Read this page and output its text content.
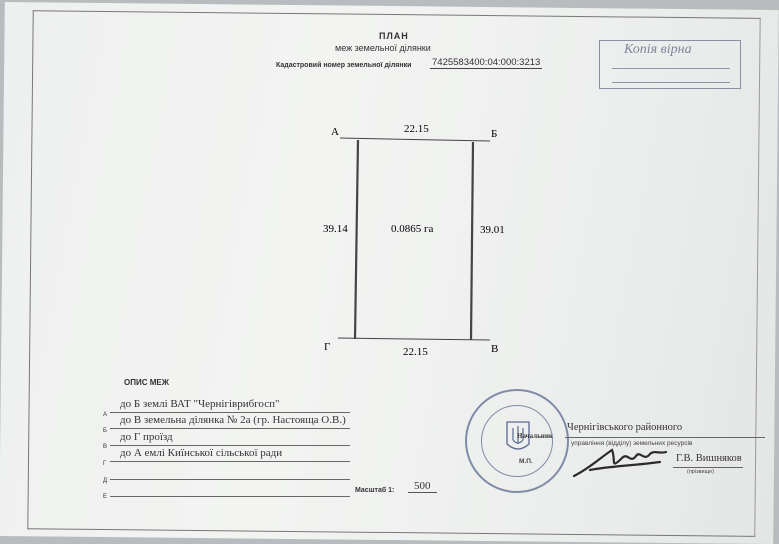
ПЛАН
меж земельної ділянки
Кадастровий номер земельної ділянки 7425583400:04:000:3213
Копія вірна
А	Б
В
Г
22.15
22.15
39.14	39.01
0.0865 га
ОПИС МЕЖ
А
до Б землі ВАТ "Чернігіврибгосп"
Б
до В земельна ділянка № 2а (гр. Настоящa О.В.)
В
до Г проїзд
Г
до А емлі Киїнської сільської ради
Д
Е
Масштаб 1:	500
Чернігівського районного
Начальник
управління (відділу) земельних ресурсів
М.П.	Г.В. Вишняков
(прізвище)
